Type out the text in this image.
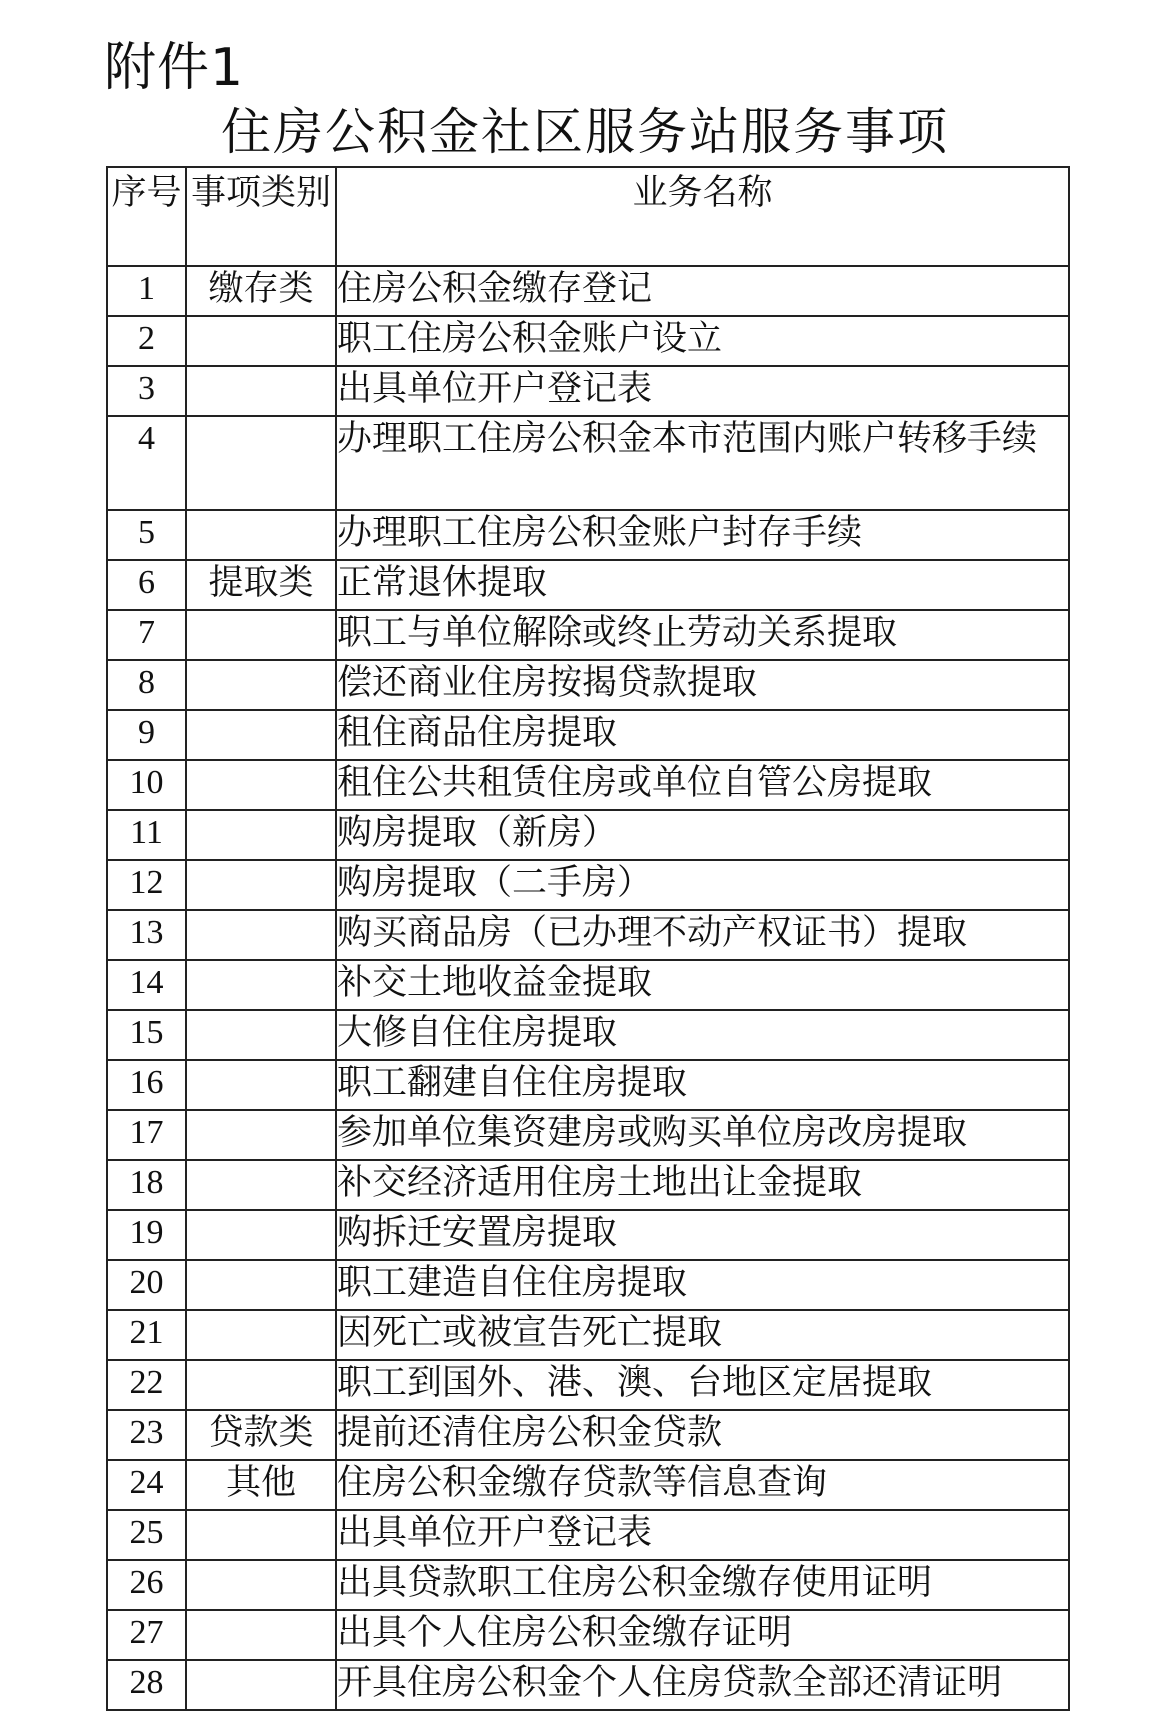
附件1
住房公积金社区服务站服务事项
序号	事项类别	业务名称
1	缴存类	住房公积金缴存登记
2		职工住房公积金账户设立
3		出具单位开户登记表
4		办理职工住房公积金本市范围内账户转移手续
5		办理职工住房公积金账户封存手续
6	提取类	正常退休提取
7		职工与单位解除或终止劳动关系提取
8		偿还商业住房按揭贷款提取
9		租住商品住房提取
10		租住公共租赁住房或单位自管公房提取
11		购房提取（新房）
12		购房提取（二手房）
13		购买商品房（已办理不动产权证书）提取
14		补交土地收益金提取
15		大修自住住房提取
16		职工翻建自住住房提取
17		参加单位集资建房或购买单位房改房提取
18		补交经济适用住房土地出让金提取
19		购拆迁安置房提取
20		职工建造自住住房提取
21		因死亡或被宣告死亡提取
22		职工到国外、港、澳、台地区定居提取
23	贷款类	提前还清住房公积金贷款
24	其他	住房公积金缴存贷款等信息查询
25		出具单位开户登记表
26		出具贷款职工住房公积金缴存使用证明
27		出具个人住房公积金缴存证明
28		开具住房公积金个人住房贷款全部还清证明
